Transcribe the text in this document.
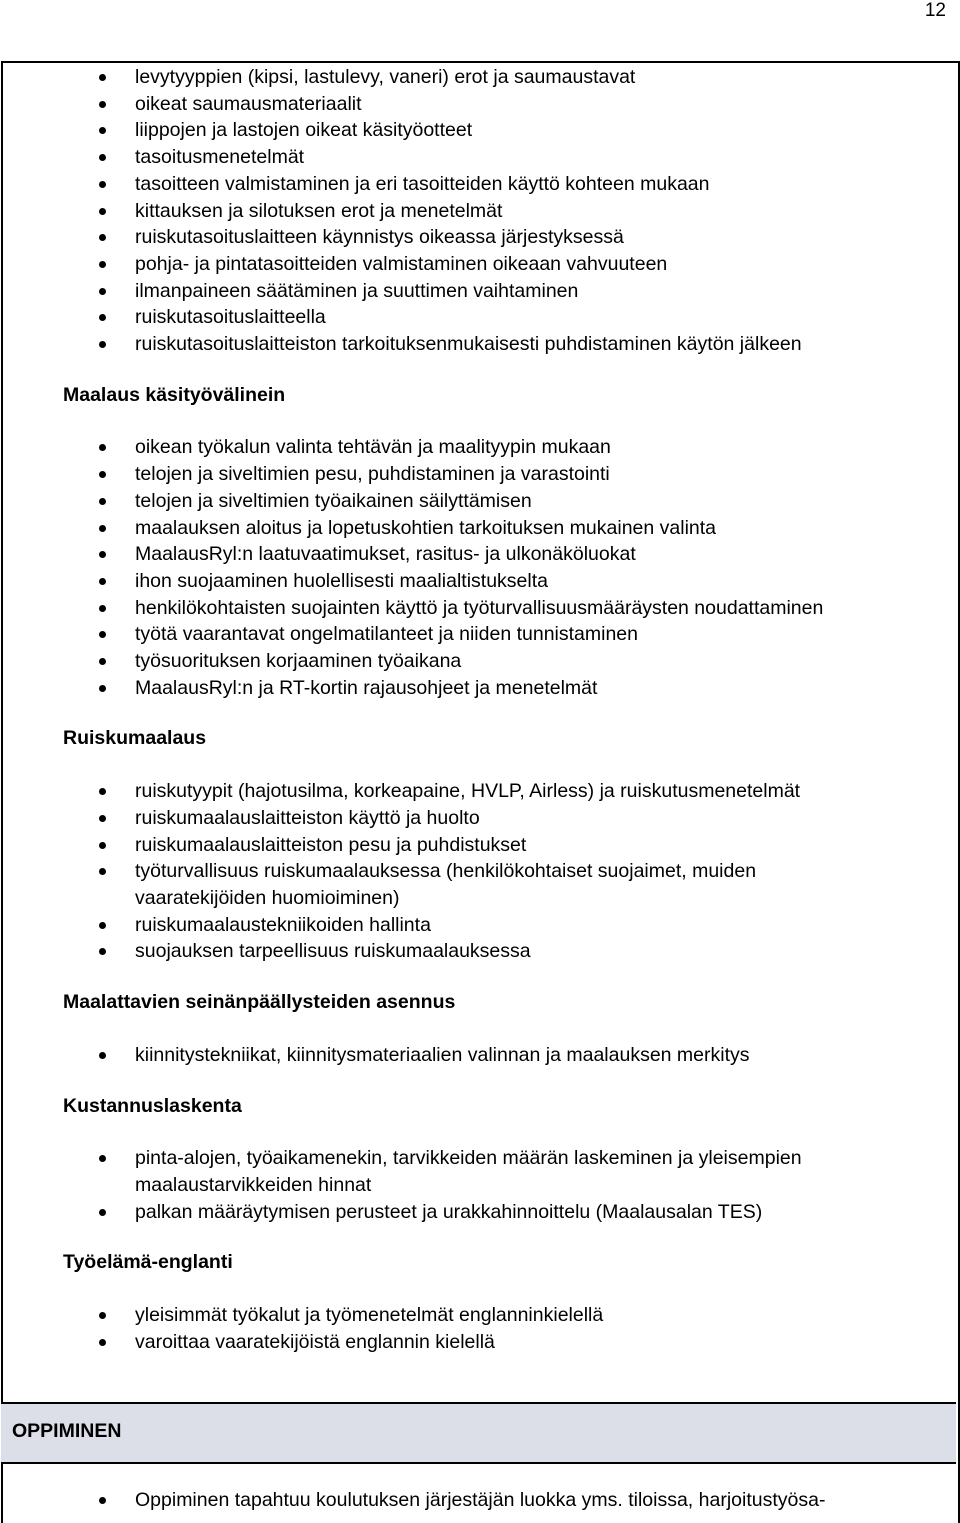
12
levytyyppien (kipsi, lastulevy, vaneri) erot ja saumaustavat
oikeat saumausmateriaalit
liippojen ja lastojen oikeat käsityöotteet
tasoitusmenetelmät
tasoitteen valmistaminen ja eri tasoitteiden käyttö kohteen mukaan
kittauksen ja silotuksen erot ja menetelmät
ruiskutasoituslaitteen käynnistys oikeassa järjestyksessä
pohja- ja pintatasoitteiden valmistaminen oikeaan vahvuuteen
ilmanpaineen säätäminen ja suuttimen vaihtaminen
ruiskutasoituslaitteella
ruiskutasoituslaitteiston tarkoituksenmukaisesti puhdistaminen käytön jälkeen
Maalaus käsityövälinein
oikean työkalun valinta tehtävän ja maalityypin mukaan
telojen ja siveltimien pesu, puhdistaminen ja varastointi
telojen ja siveltimien työaikainen säilyttämisen
maalauksen aloitus ja lopetuskohtien tarkoituksen mukainen valinta
MaalausRyl:n laatuvaatimukset, rasitus- ja ulkonäköluokat
ihon suojaaminen huolellisesti maalialtistukselta
henkilökohtaisten suojainten käyttö ja työturvallisuusmääräysten noudattaminen
työtä vaarantavat ongelmatilanteet ja niiden tunnistaminen
työsuorituksen korjaaminen työaikana
MaalausRyl:n ja RT-kortin rajausohjeet ja menetelmät
Ruiskumaalaus
ruiskutyypit (hajotusilma, korkeapaine, HVLP, Airless) ja ruiskutusmenetelmät
ruiskumaalauslaitteiston käyttö ja huolto
ruiskumaalauslaitteiston pesu ja puhdistukset
työturvallisuus ruiskumaalauksessa (henkilökohtaiset suojaimet, muiden vaaratekijöiden huomioiminen)
ruiskumaalaustekniikoiden hallinta
suojauksen tarpeellisuus ruiskumaalauksessa
Maalattavien seinänpäällysteiden asennus
kiinnitystekniikat, kiinnitysmateriaalien valinnan ja maalauksen merkitys
Kustannuslaskenta
pinta-alojen, työaikamenekin, tarvikkeiden määrän laskeminen ja yleisempien maalaustarvikkeiden hinnat
palkan määräytymisen perusteet ja urakkahinnoittelu (Maalausalan TES)
Työelämä-englanti
yleisimmät työkalut ja työmenetelmät englanninkielellä
varoittaa vaaratekijöistä englannin kielellä
OPPIMINEN
Oppiminen tapahtuu koulutuksen järjestäjän luokka yms. tiloissa, harjoitustyösa-
